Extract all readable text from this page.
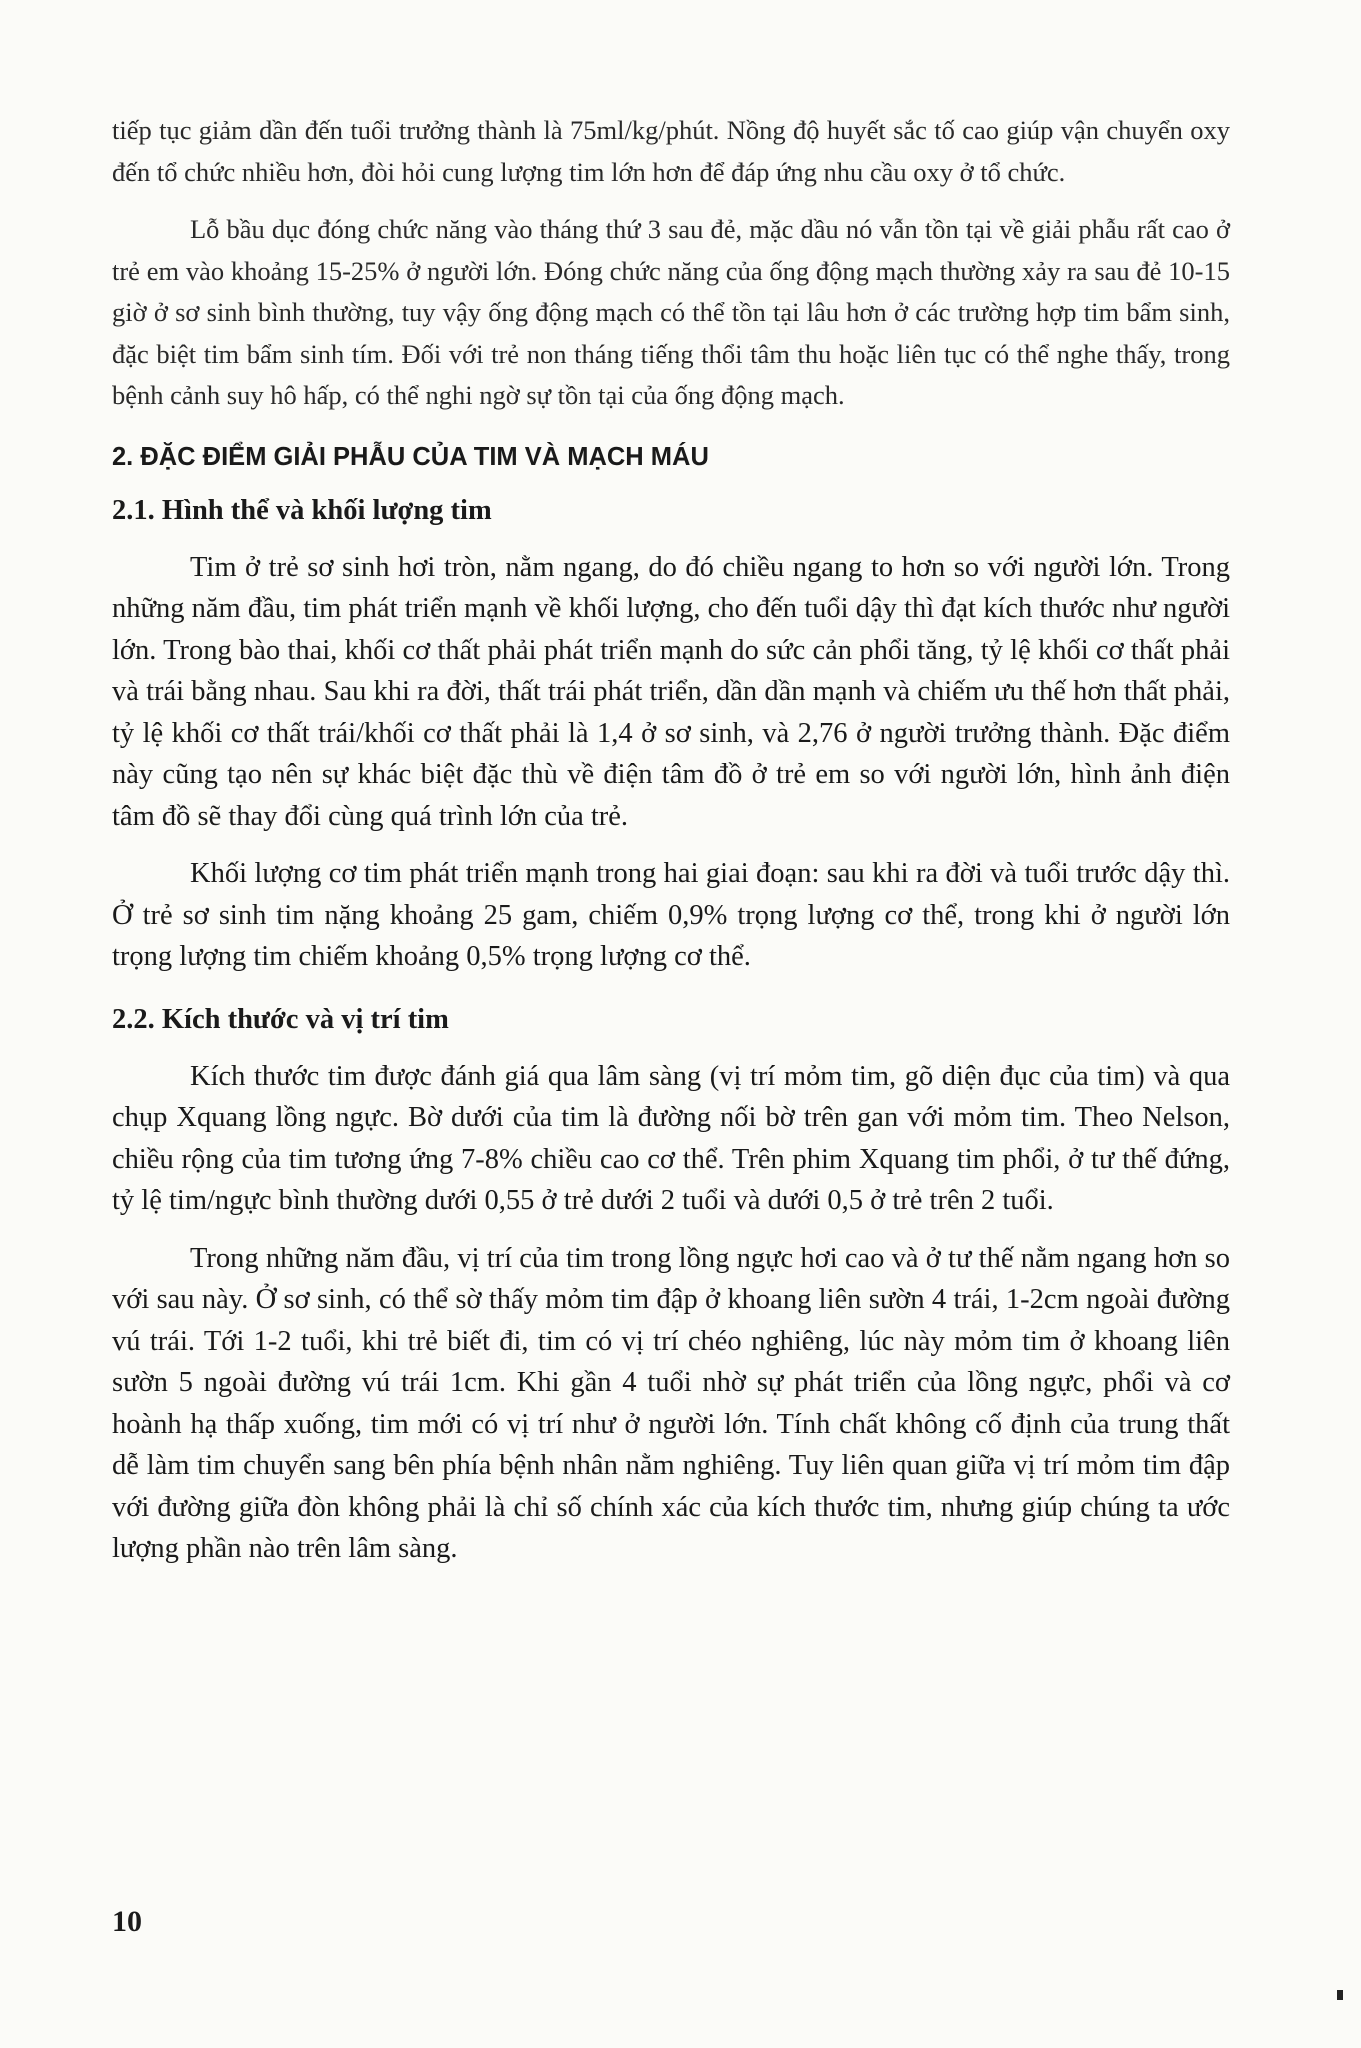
tiếp tục giảm dần đến tuổi trưởng thành là 75ml/kg/phút. Nồng độ huyết sắc tố cao giúp vận chuyển oxy đến tổ chức nhiều hơn, đòi hỏi cung lượng tim lớn hơn để đáp ứng nhu cầu oxy ở tổ chức.

Lỗ bầu dục đóng chức năng vào tháng thứ 3 sau đẻ, mặc dầu nó vẫn tồn tại về giải phẫu rất cao ở trẻ em vào khoảng 15-25% ở người lớn. Đóng chức năng của ống động mạch thường xảy ra sau đẻ 10-15 giờ ở sơ sinh bình thường, tuy vậy ống động mạch có thể tồn tại lâu hơn ở các trường hợp tim bẩm sinh, đặc biệt tim bẩm sinh tím. Đối với trẻ non tháng tiếng thổi tâm thu hoặc liên tục có thể nghe thấy, trong bệnh cảnh suy hô hấp, có thể nghi ngờ sự tồn tại của ống động mạch.

2. ĐẶC ĐIỂM GIẢI PHẪU CỦA TIM VÀ MẠCH MÁU
2.1. Hình thể và khối lượng tim

Tim ở trẻ sơ sinh hơi tròn, nằm ngang, do đó chiều ngang to hơn so với người lớn. Trong những năm đầu, tim phát triển mạnh về khối lượng, cho đến tuổi dậy thì đạt kích thước như người lớn. Trong bào thai, khối cơ thất phải phát triển mạnh do sức cản phổi tăng, tỷ lệ khối cơ thất phải và trái bằng nhau. Sau khi ra đời, thất trái phát triển, dần dần mạnh và chiếm ưu thế hơn thất phải, tỷ lệ khối cơ thất trái/khối cơ thất phải là 1,4 ở sơ sinh, và 2,76 ở người trưởng thành. Đặc điểm này cũng tạo nên sự khác biệt đặc thù về điện tâm đồ ở trẻ em so với người lớn, hình ảnh điện tâm đồ sẽ thay đổi cùng quá trình lớn của trẻ.

Khối lượng cơ tim phát triển mạnh trong hai giai đoạn: sau khi ra đời và tuổi trước dậy thì. Ở trẻ sơ sinh tim nặng khoảng 25 gam, chiếm 0,9% trọng lượng cơ thể, trong khi ở người lớn trọng lượng tim chiếm khoảng 0,5% trọng lượng cơ thể.

2.2. Kích thước và vị trí tim

Kích thước tim được đánh giá qua lâm sàng (vị trí mỏm tim, gõ diện đục của tim) và qua chụp Xquang lồng ngực. Bờ dưới của tim là đường nối bờ trên gan với mỏm tim. Theo Nelson, chiều rộng của tim tương ứng 7-8% chiều cao cơ thể. Trên phim Xquang tim phổi, ở tư thế đứng, tỷ lệ tim/ngực bình thường dưới 0,55 ở trẻ dưới 2 tuổi và dưới 0,5 ở trẻ trên 2 tuổi.

Trong những năm đầu, vị trí của tim trong lồng ngực hơi cao và ở tư thế nằm ngang hơn so với sau này. Ở sơ sinh, có thể sờ thấy mỏm tim đập ở khoang liên sườn 4 trái, 1-2cm ngoài đường vú trái. Tới 1-2 tuổi, khi trẻ biết đi, tim có vị trí chéo nghiêng, lúc này mỏm tim ở khoang liên sườn 5 ngoài đường vú trái 1cm. Khi gần 4 tuổi nhờ sự phát triển của lồng ngực, phổi và cơ hoành hạ thấp xuống, tim mới có vị trí như ở người lớn. Tính chất không cố định của trung thất dễ làm tim chuyển sang bên phía bệnh nhân nằm nghiêng. Tuy liên quan giữa vị trí mỏm tim đập với đường giữa đòn không phải là chỉ số chính xác của kích thước tim, nhưng giúp chúng ta ước lượng phần nào trên lâm sàng.

10
